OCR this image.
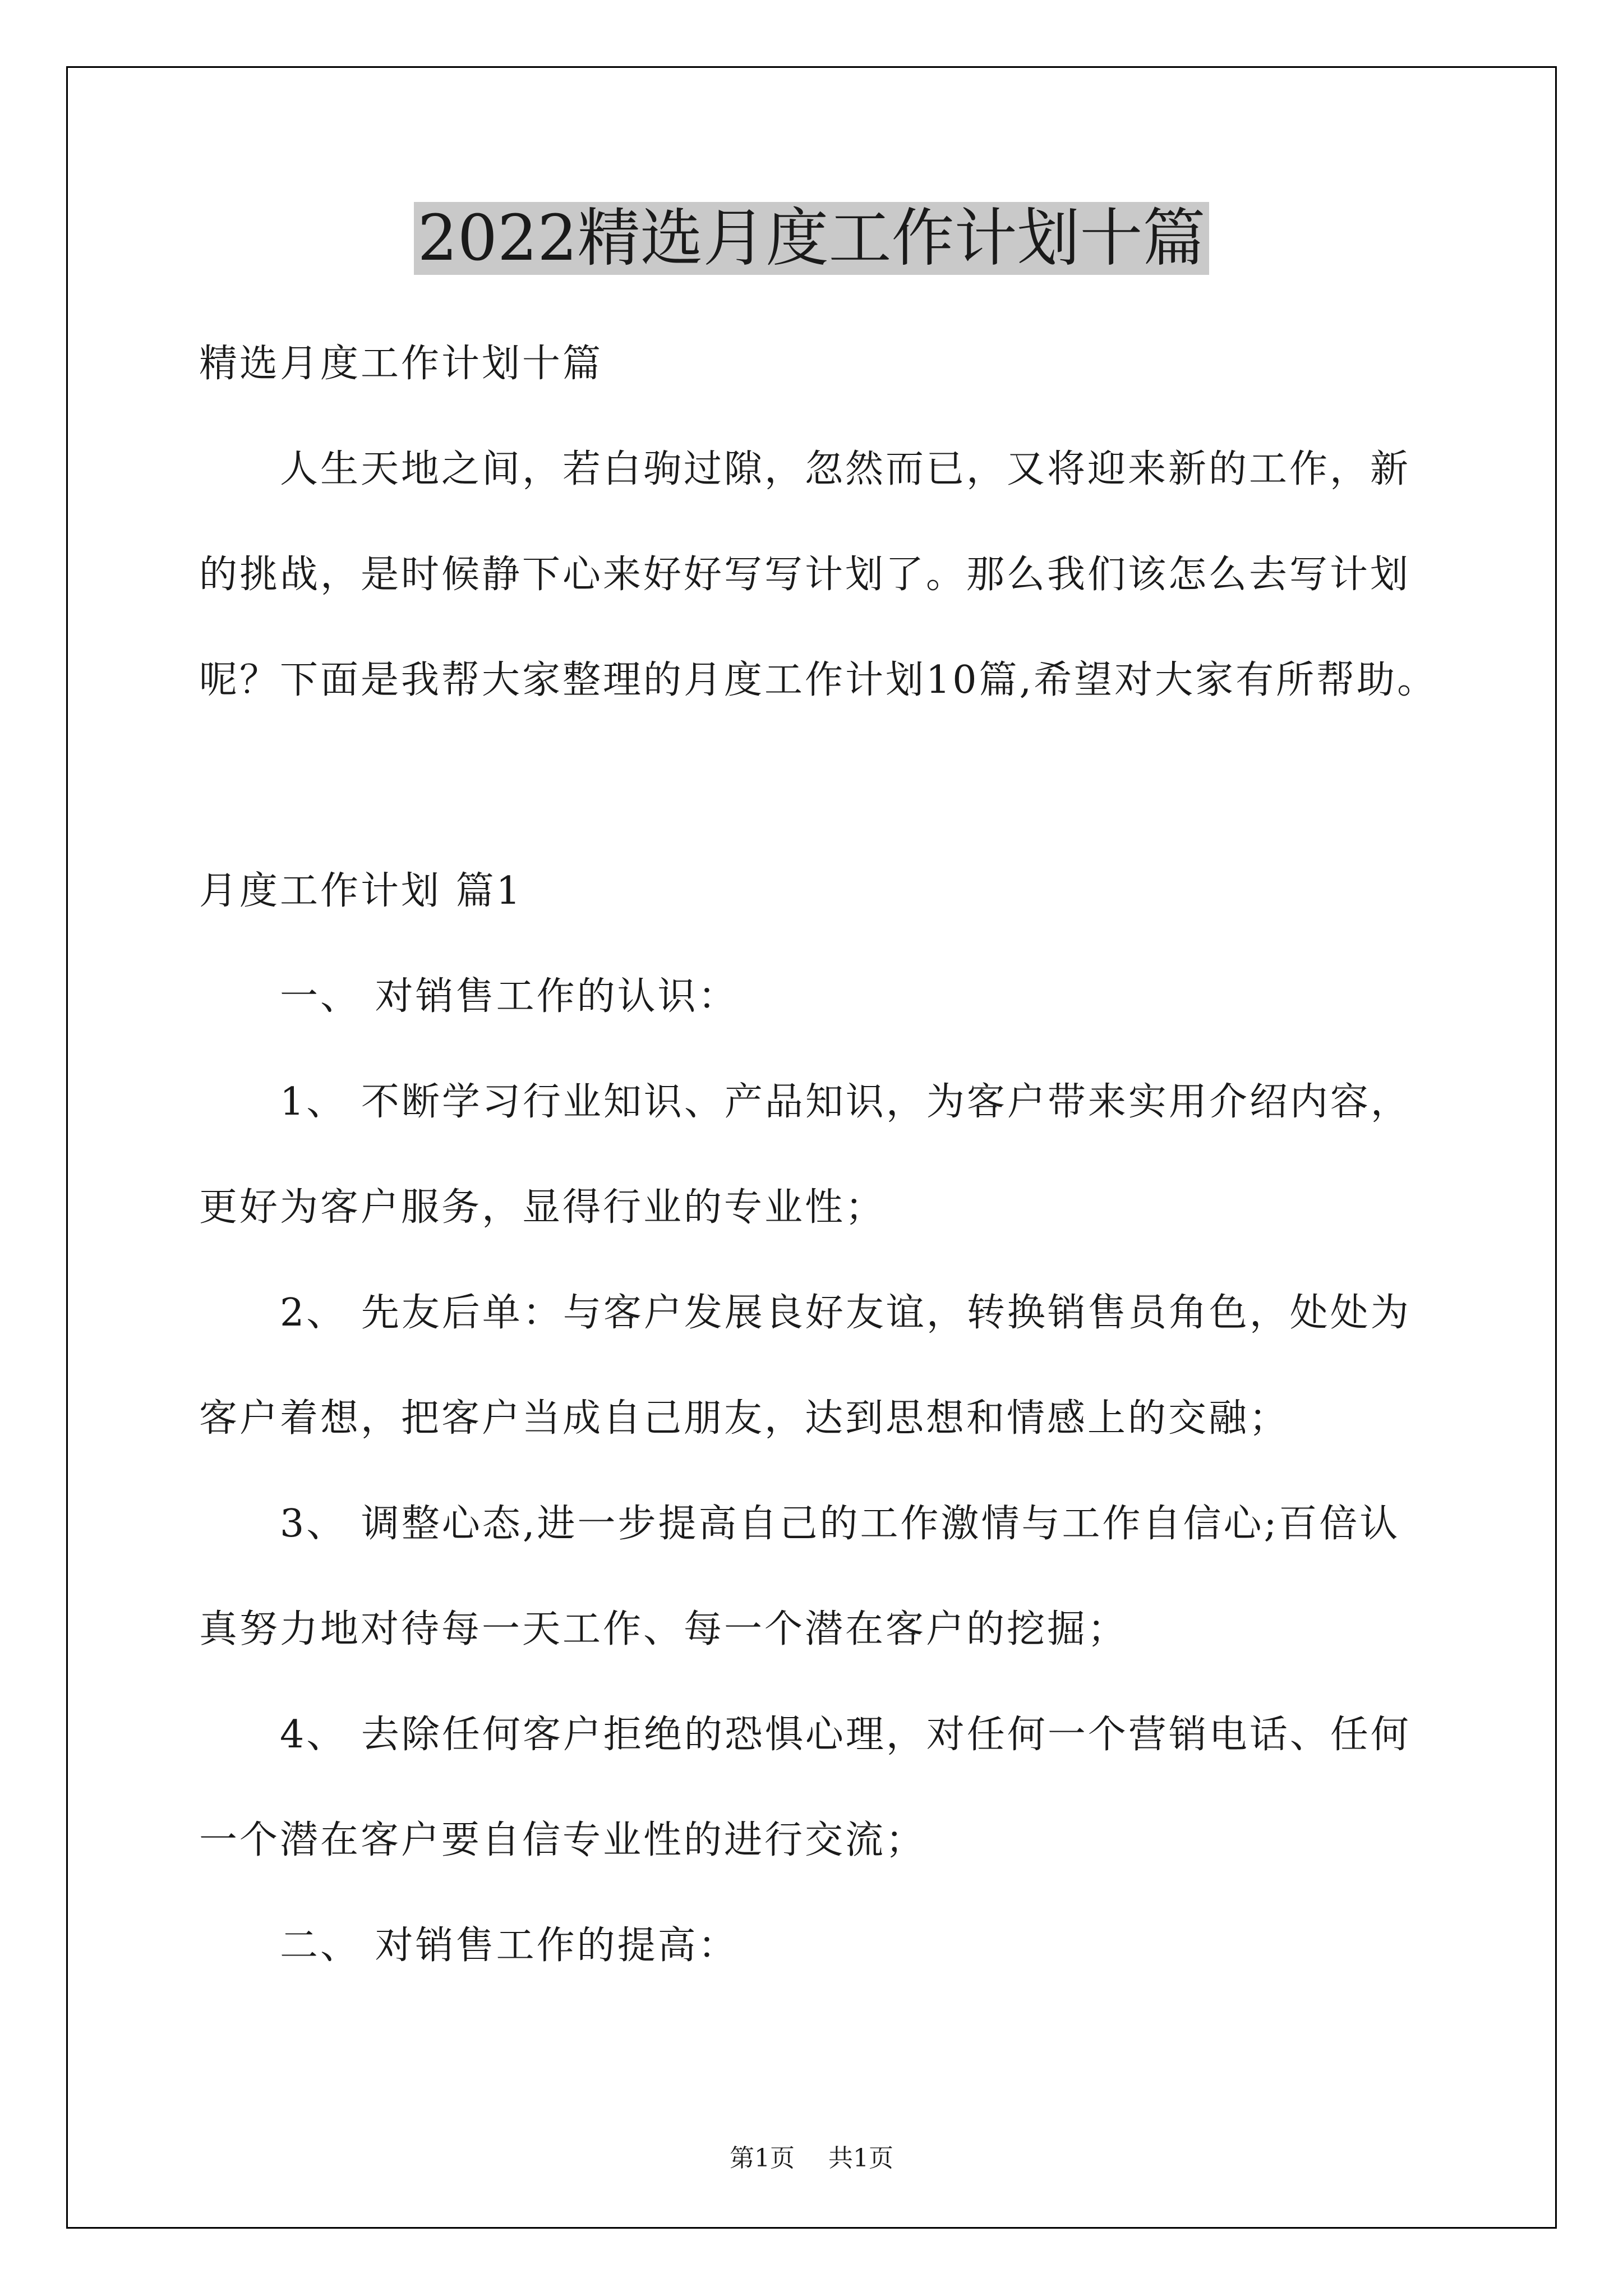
2022精选月度工作计划十篇

精选月度工作计划十篇

人生天地之间，若白驹过隙，忽然而已，又将迎来新的工作，新

的挑战，是时候静下心来好好写写计划了。那么我们该怎么去写计划

呢？下面是我帮大家整理的月度工作计划10篇,希望对大家有所帮助。

月度工作计划 篇1

一、 对销售工作的认识：

1、 不断学习行业知识、产品知识，为客户带来实用介绍内容，

更好为客户服务，显得行业的专业性；

2、 先友后单：与客户发展良好友谊，转换销售员角色，处处为

客户着想，把客户当成自己朋友，达到思想和情感上的交融；

3、 调整心态,进一步提高自己的工作激情与工作自信心;百倍认

真努力地对待每一天工作、每一个潜在客户的挖掘；

4、 去除任何客户拒绝的恐惧心理，对任何一个营销电话、任何

一个潜在客户要自信专业性的进行交流；

二、 对销售工作的提高：

第1页 共1页
